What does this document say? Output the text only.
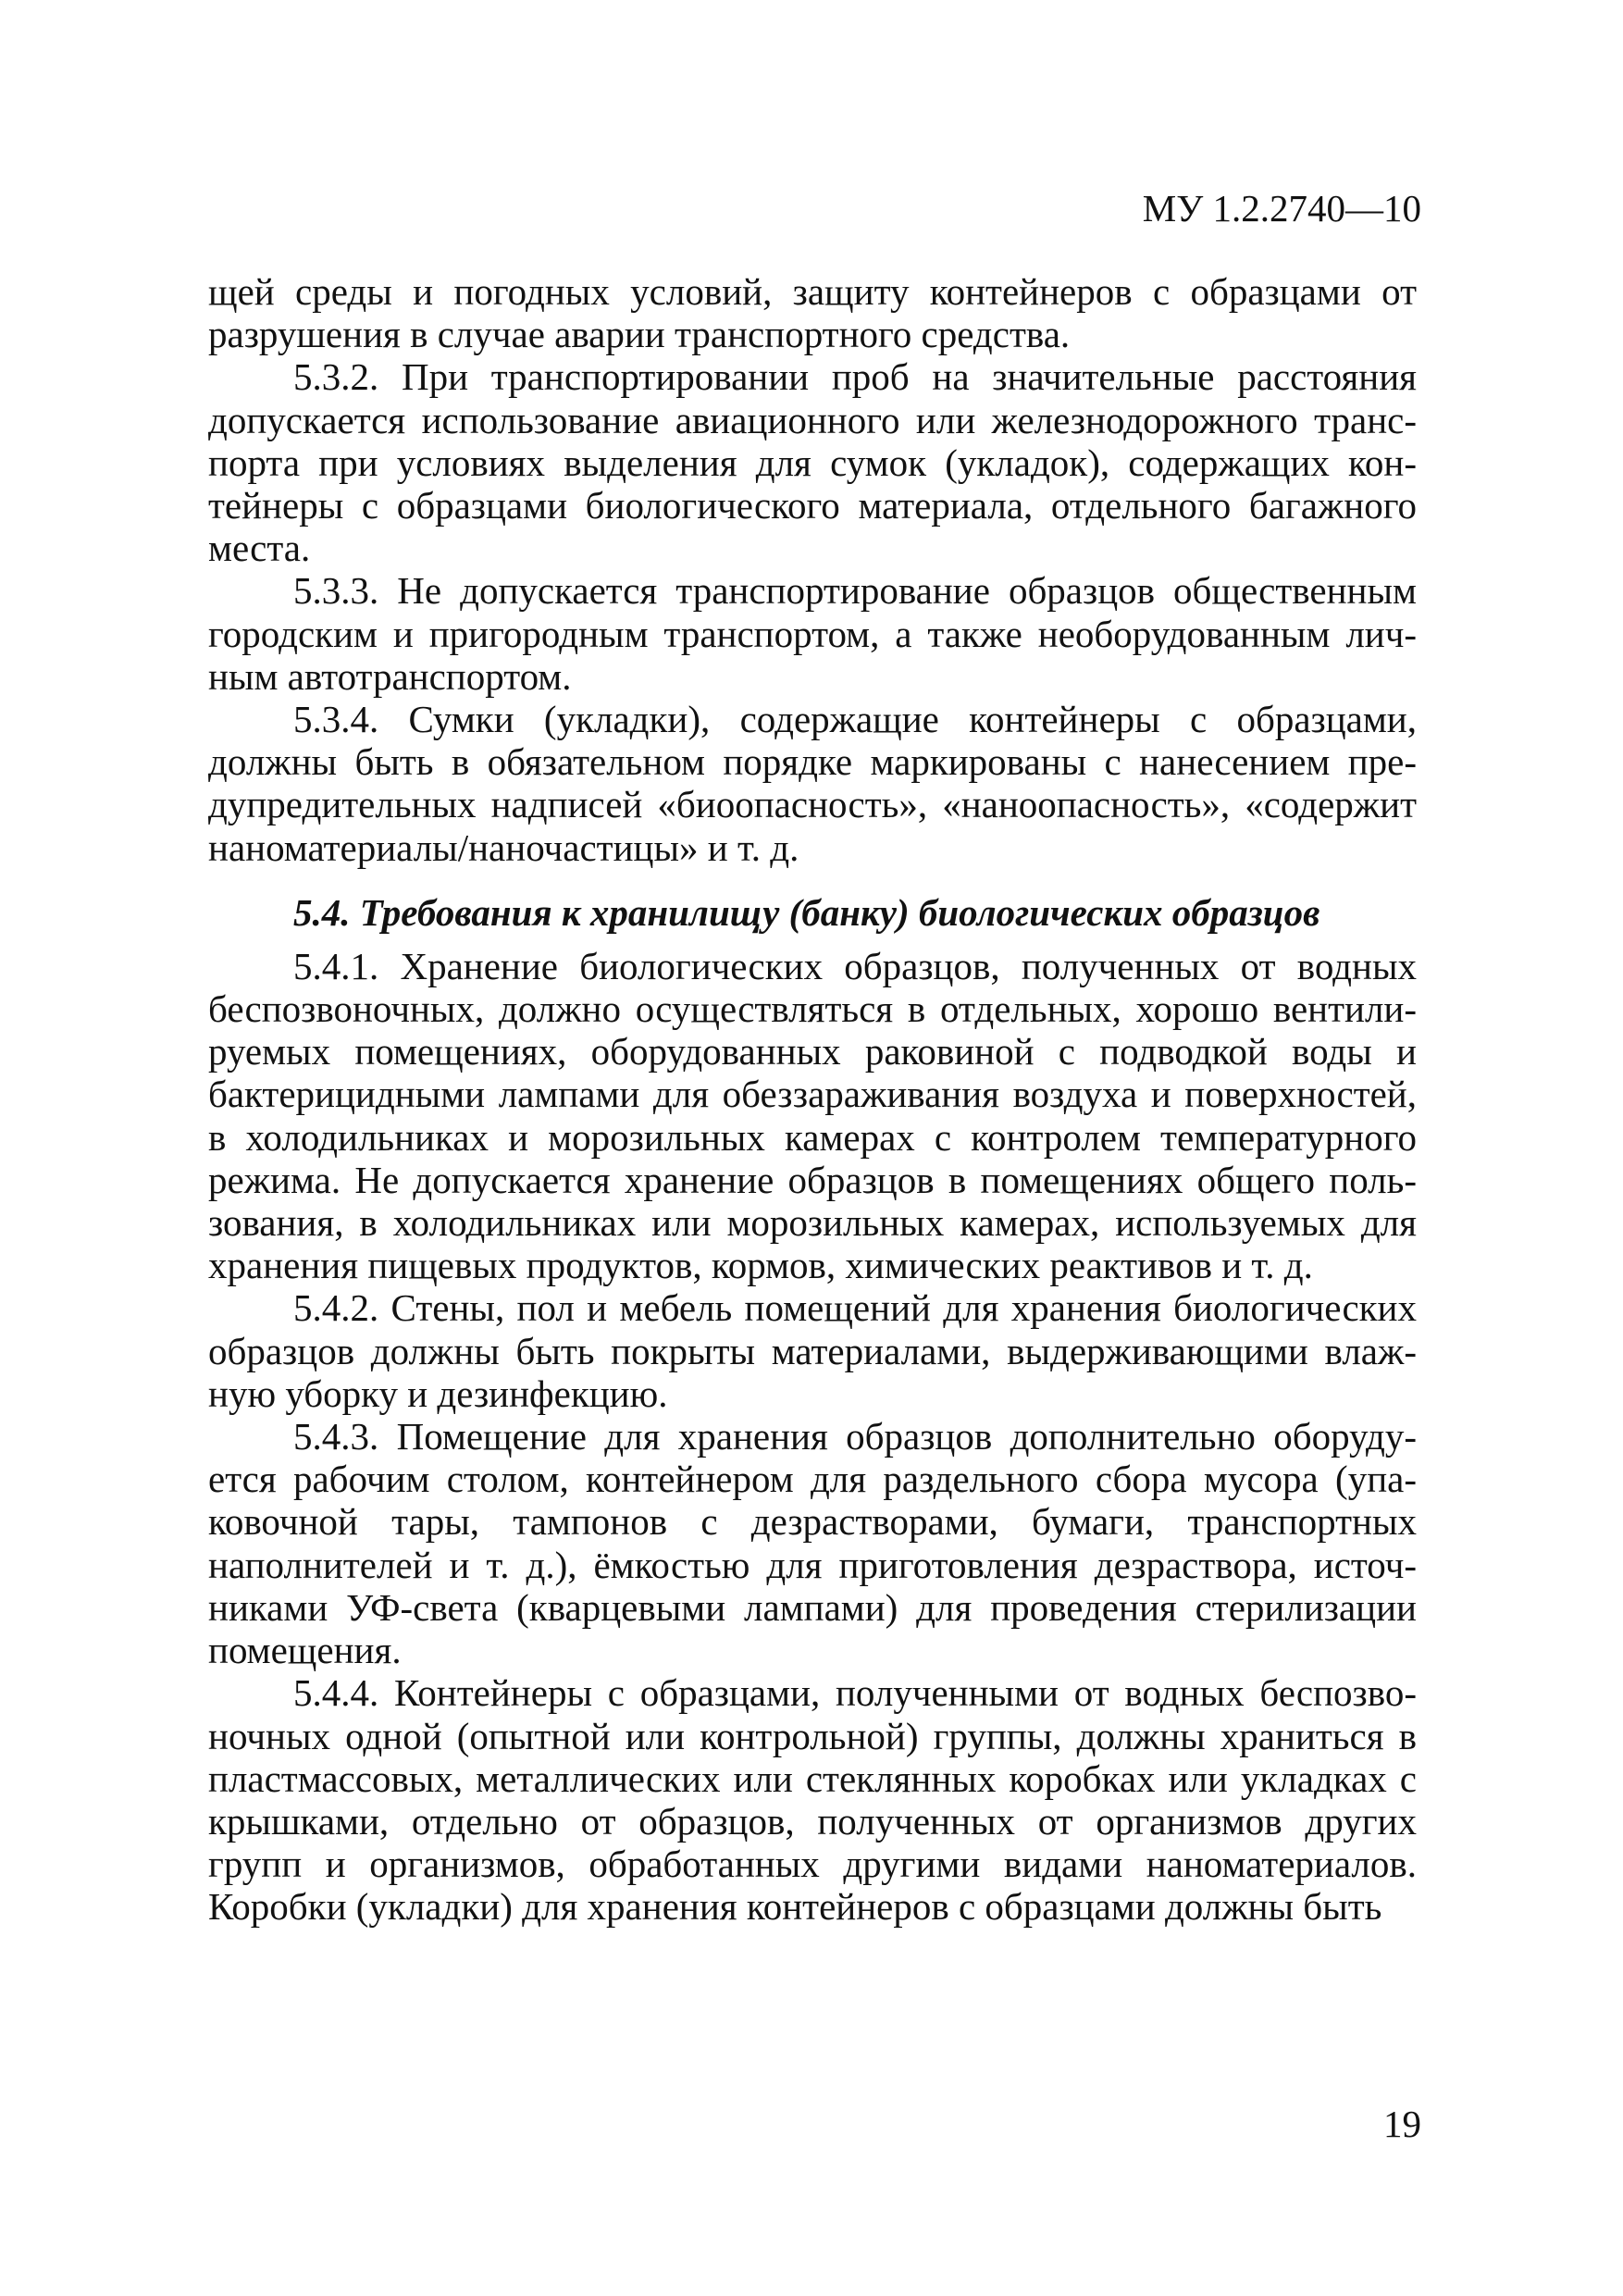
МУ 1.2.2740—10

щей среды и погодных условий, защиту контейнеров с образцами от разрушения в случае аварии транспортного средства.

5.3.2. При транспортировании проб на значительные расстояния допускается использование авиационного или железнодорожного транспорта при условиях выделения для сумок (укладок), содержащих контейнеры с образцами биологического материала, отдельного багажного места.

5.3.3. Не допускается транспортирование образцов общественным городским и пригородным транспортом, а также необорудованным личным автотранспортом.

5.3.4. Сумки (укладки), содержащие контейнеры с образцами, должны быть в обязательном порядке маркированы с нанесением предупредительных надписей «биоопасность», «наноопасность», «содержит наноматериалы/наночастицы» и т. д.

5.4. Требования к хранилищу (банку) биологических образцов

5.4.1. Хранение биологических образцов, полученных от водных беспозвоночных, должно осуществляться в отдельных, хорошо вентилируемых помещениях, оборудованных раковиной с подводкой воды и бактерицидными лампами для обеззараживания воздуха и поверхностей, в холодильниках и морозильных камерах с контролем температурного режима. Не допускается хранение образцов в помещениях общего пользования, в холодильниках или морозильных камерах, используемых для хранения пищевых продуктов, кормов, химических реактивов и т. д.

5.4.2. Стены, пол и мебель помещений для хранения биологических образцов должны быть покрыты материалами, выдерживающими влажную уборку и дезинфекцию.

5.4.3. Помещение для хранения образцов дополнительно оборудуется рабочим столом, контейнером для раздельного сбора мусора (упаковочной тары, тампонов с дезрастворами, бумаги, транспортных наполнителей и т. д.), ёмкостью для приготовления дезраствора, источниками УФ-света (кварцевыми лампами) для проведения стерилизации помещения.

5.4.4. Контейнеры с образцами, полученными от водных беспозвоночных одной (опытной или контрольной) группы, должны храниться в пластмассовых, металлических или стеклянных коробках или укладках с крышками, отдельно от образцов, полученных от организмов других групп и организмов, обработанных другими видами наноматериалов. Коробки (укладки) для хранения контейнеров с образцами должны быть

19
